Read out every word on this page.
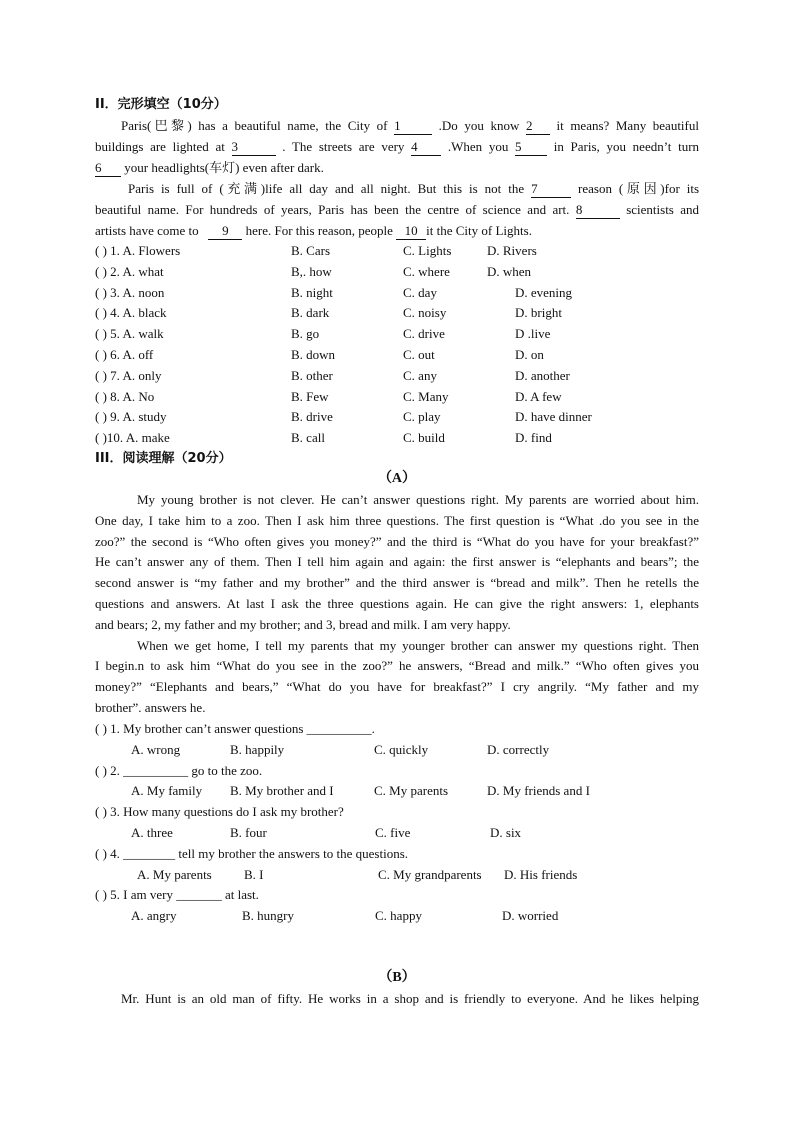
II．完形填空（10分）
Paris(巴黎) has a beautiful name, the City of 1	.Do you know 2 it means? Many beautiful
buildings are lighted at 3	. The streets are very 4 .When you 5 in Paris, you needn’t turn
6 your headlights(车灯) even after dark.
Paris is full of (充满)life all day and all night. But this is not the 7	reason (原因)for its
beautiful name. For hundreds of years, Paris has been the centre of science and art. 8	scientists and
artists have come to 9 here. For this reason, people 10 it the City of Lights.
( ) 1. A. Flowers	B. Cars	C. Lights	D. Rivers
( ) 2. A. what	B,. how	C. where	D. when
( ) 3. A. noon	B. night	C. day	D. evening
( ) 4. A. black	B. dark	C. noisy	D. bright
( ) 5. A. walk	B. go	C. drive	D .live
( ) 6. A. off	B. down	C. out	D. on
( ) 7. A. only	B. other	C. any	D. another
( ) 8. A. No	B. Few	C. Many	D. A few
( ) 9. A. study	B. drive	C. play	D. have dinner
( )10. A. make	B. call	C. build	D. find
III．阅读理解（20分）
（A）
My young brother is not clever. He can’t answer questions right. My parents are worried about him.
One day, I take him to a zoo. Then I ask him three questions. The first question is “What .do you see in the
zoo?” the second is “Who often gives you money?” and the third is “What do you have for your breakfast?”
He can’t answer any of them. Then I tell him again and again: the first answer is “elephants and bears”; the
second answer is “my father and my brother” and the third answer is “bread and milk”. Then he retells the
questions and answers. At last I ask the three questions again. He can give the right answers: 1, elephants
and bears; 2, my father and my brother; and 3, bread and milk. I am very happy.
When we get home, I tell my parents that my younger brother can answer my questions right. Then
I begin.n to ask him “What do you see in the zoo?” he answers, “Bread and milk.” “Who often gives you
money?” “Elephants and bears,” “What do you have for breakfast?” I cry angrily. “My father and my
brother”. answers he.
( ) 1. My brother can’t answer questions __________.
A. wrong	B. happily	C. quickly	D. correctly
( ) 2. __________ go to the zoo.
A. My family B. My brother and I	C. My parents	D. My friends and I
( ) 3. How many questions do I ask my brother?
A. three	B. four	C. five	D. six
( ) 4. ________ tell my brother the answers to the questions.
A. My parents B. I	C. My grandparents D. His friends
( ) 5. I am very _______ at last.
A. angry	B. hungry	C. happy	D. worried
（B）
Mr. Hunt is an old man of fifty. He works in a shop and is friendly to everyone. And he likes helping
